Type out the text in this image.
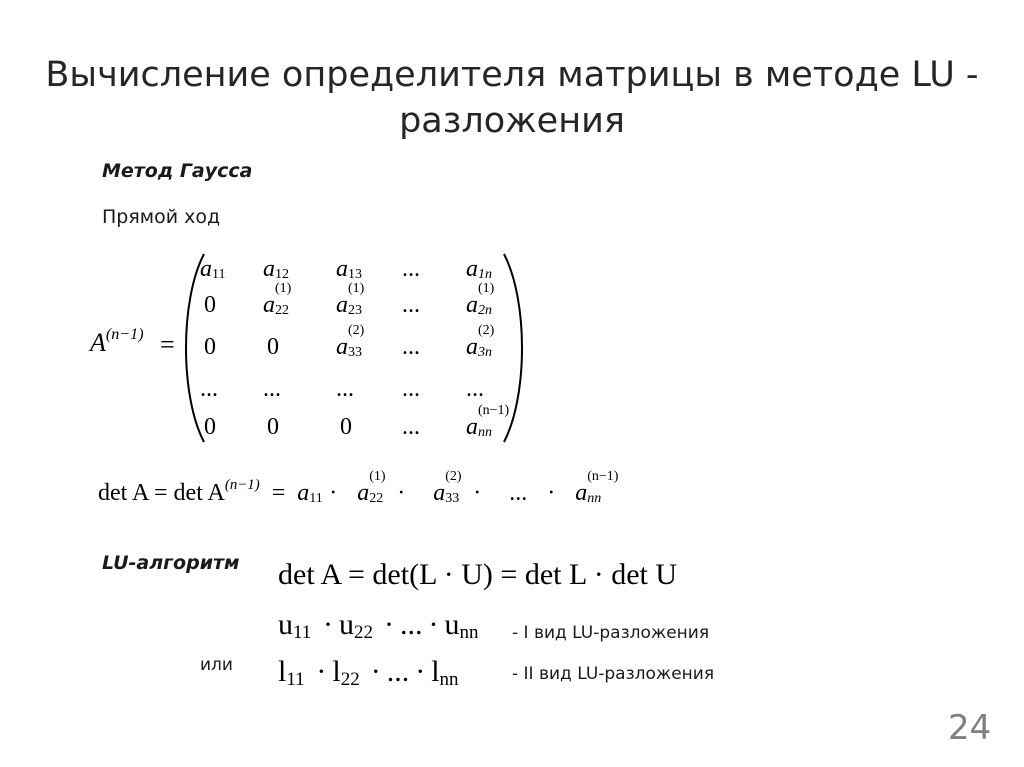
Вычисление определителя матрицы в методе LU - разложения
Метод Гаусса
Прямой ход
$A^{(n-1)}$ =
a 11 a 12 a 13 ... a 1n
0 a
(1)
22 a
(1)
23 ... a
(1)
2n
0 0 a
(2)
33 ... a
(2)
3n
... ... ... ... ...
0 0	0 ... a
(n−1)
nn
$\det A = \det A^{(n-1)} = a$ 11 · a
(1)
22 · a
(2)
33 · ... · a
(n−1)
nn
LU-алгоритм det A = det(L · U) = det L · det U
u 11 · u 22 · ... · u nn - I вид LU-разложения
или l 11 · l 22 · ... · l nn	- II вид LU-разложения
24
